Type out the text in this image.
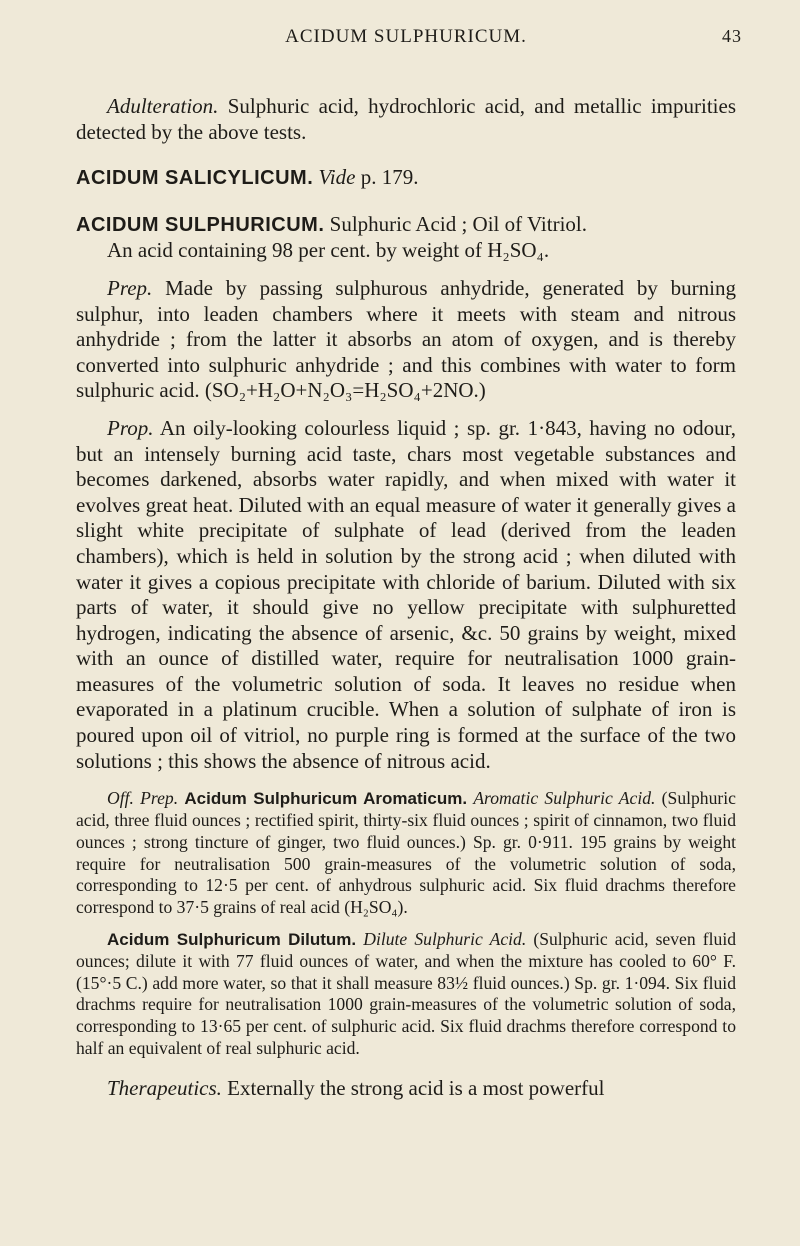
ACIDUM SULPHURICUM.	43

Adulteration. Sulphuric acid, hydrochloric acid, and metallic impurities detected by the above tests.

ACIDUM SALICYLICUM. Vide p. 179.

ACIDUM SULPHURICUM. Sulphuric Acid ; Oil of Vitriol.

An acid containing 98 per cent. by weight of H₂SO₄.

Prep. Made by passing sulphurous anhydride, generated by burning sulphur, into leaden chambers where it meets with steam and nitrous anhydride ; from the latter it absorbs an atom of oxygen, and is thereby converted into sulphuric anhydride ; and this combines with water to form sulphuric acid. (SO₂+H₂O+N₂O₃=H₂SO₄+2NO.)

Prop. An oily-looking colourless liquid ; sp. gr. 1·843, having no odour, but an intensely burning acid taste, chars most vegetable substances and becomes darkened, absorbs water rapidly, and when mixed with water it evolves great heat. Diluted with an equal measure of water it generally gives a slight white precipitate of sulphate of lead (derived from the leaden chambers), which is held in solution by the strong acid ; when diluted with water it gives a copious precipitate with chloride of barium. Diluted with six parts of water, it should give no yellow precipitate with sulphuretted hydrogen, indicating the absence of arsenic, &c. 50 grains by weight, mixed with an ounce of distilled water, require for neutralisation 1000 grain-measures of the volumetric solution of soda. It leaves no residue when evaporated in a platinum crucible. When a solution of sulphate of iron is poured upon oil of vitriol, no purple ring is formed at the surface of the two solutions ; this shows the absence of nitrous acid.

Off. Prep. Acidum Sulphuricum Aromaticum. Aromatic Sulphuric Acid. (Sulphuric acid, three fluid ounces ; rectified spirit, thirty-six fluid ounces ; spirit of cinnamon, two fluid ounces ; strong tincture of ginger, two fluid ounces.) Sp. gr. 0·911. 195 grains by weight require for neutralisation 500 grain-measures of the volumetric solution of soda, corresponding to 12·5 per cent. of anhydrous sulphuric acid. Six fluid drachms therefore correspond to 37·5 grains of real acid (H₂SO₄).

Acidum Sulphuricum Dilutum. Dilute Sulphuric Acid. (Sulphuric acid, seven fluid ounces; dilute it with 77 fluid ounces of water, and when the mixture has cooled to 60° F. (15°·5 C.) add more water, so that it shall measure 83½ fluid ounces.) Sp. gr. 1·094. Six fluid drachms require for neutralisation 1000 grain-measures of the volumetric solution of soda, corresponding to 13·65 per cent. of sulphuric acid. Six fluid drachms therefore correspond to half an equivalent of real sulphuric acid.

Therapeutics. Externally the strong acid is a most powerful
